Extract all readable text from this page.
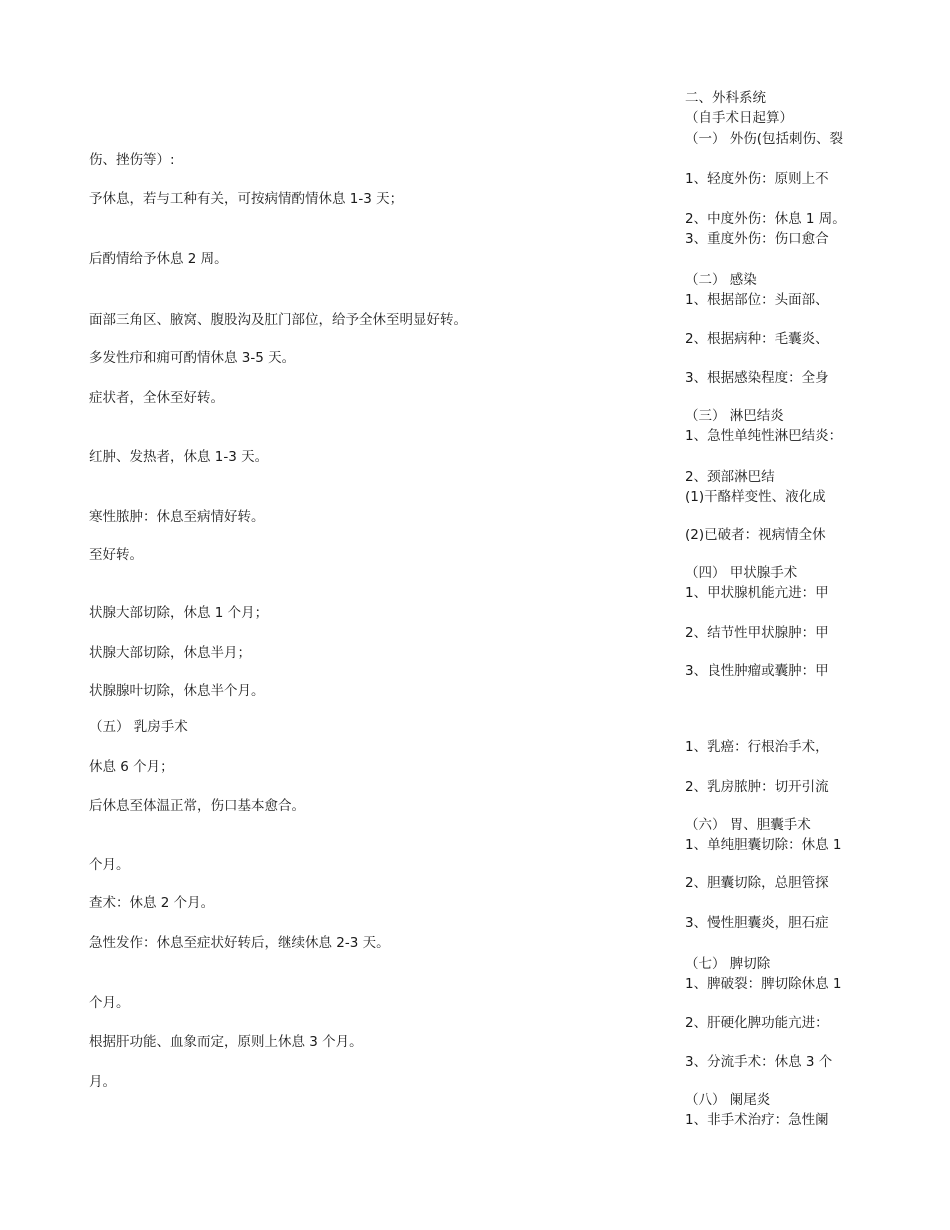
伤、挫伤等）:
予休息，若与工种有关，可按病情酌情休息 1-3 天；
后酌情给予休息 2 周。
面部三角区、腋窝、腹股沟及肛门部位，给予全休至明显好转。
多发性疖和痈可酌情休息 3-5 天。
症状者，全休至好转。
红肿、发热者，休息 1-3 天。
寒性脓肿：休息至病情好转。
至好转。
状腺大部切除，休息 1 个月；
状腺大部切除，休息半月；
状腺腺叶切除，休息半个月。
（五） 乳房手术
休息 6 个月；
后休息至体温正常，伤口基本愈合。
个月。
查术：休息 2 个月。
急性发作：休息至症状好转后，继续休息 2-3 天。
个月。
根据肝功能、血象而定，原则上休息 3 个月。
月。
二、外科系统
（自手术日起算）
（一） 外伤(包括刺伤、裂
1、轻度外伤：原则上不
2、中度外伤：休息 1 周。
3、重度外伤：伤口愈合
（二） 感染
1、根据部位：头面部、
2、根据病种：毛囊炎、
3、根据感染程度：全身
（三） 淋巴结炎
1、急性单纯性淋巴结炎：
2、颈部淋巴结
(1)干酪样变性、液化成
(2)已破者：视病情全休
（四） 甲状腺手术
1、甲状腺机能亢进：甲
2、结节性甲状腺肿：甲
3、良性肿瘤或囊肿：甲
1、乳癌：行根治手术，
2、乳房脓肿：切开引流
（六） 胃、胆囊手术
1、单纯胆囊切除：休息 1
2、胆囊切除，总胆管探
3、慢性胆囊炎，胆石症
（七） 脾切除
1、脾破裂：脾切除休息 1
2、肝硬化脾功能亢进：
3、分流手术：休息 3 个
（八） 阑尾炎
1、非手术治疗：急性阑
